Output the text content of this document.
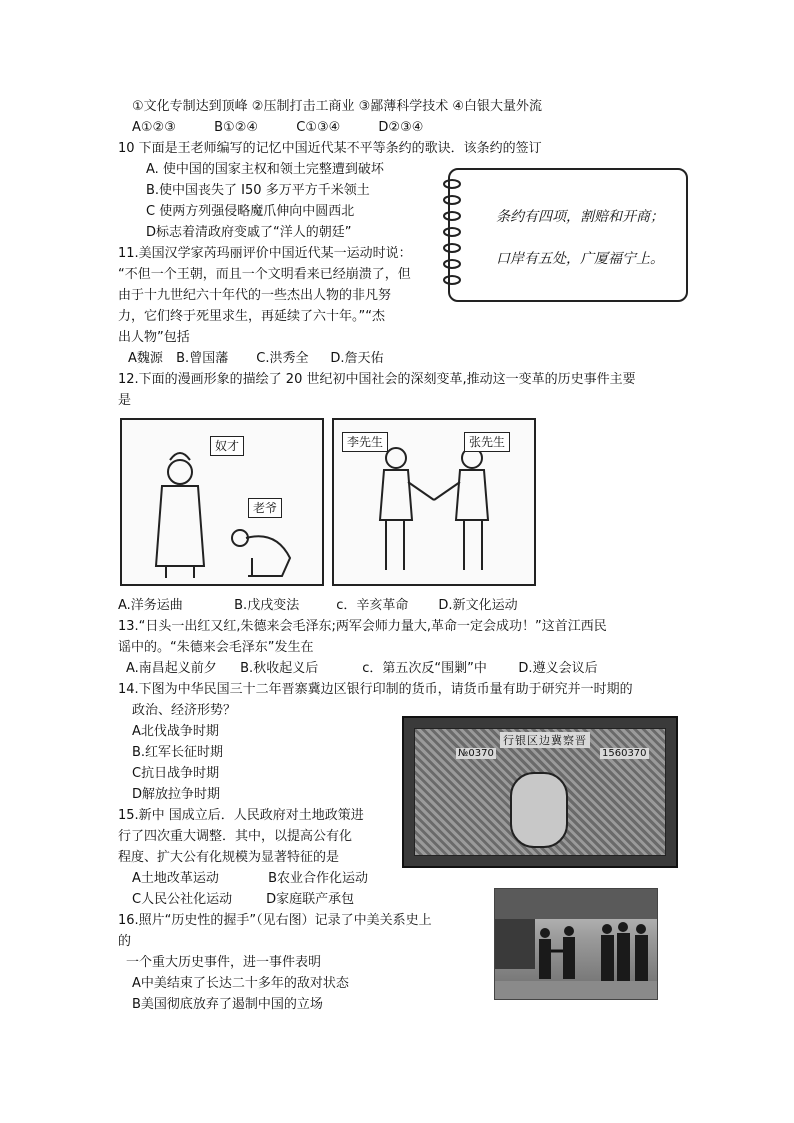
①文化专制达到顶峰 ②压制打击工商业 ③鄙薄科学技术 ④白银大量外流
A①②③	B①②④	C①③④	D②③④
10 下面是王老师编写的记忆中国近代某不平等条约的歌诀．该条约的签订
A. 使中国的国家主权和领土完整遭到破坏
B.使中国丧失了 I50 多万平方千米领土
C 使两方列强侵略魔爪伸向中圆西北
D标志着清政府变戚了“洋人的朝廷”
条约有四项，割赔和开商；
口岸有五处，广厦福宁上。
11.美国汉学家芮玛丽评价中国近代某一运动时说：
“不但一个王朝，而且一个文明看来已经崩溃了，但
由于十九世纪六十年代的一些杰出人物的非凡努
力，它们终于死里求生，再延续了六十年。”“杰
出人物”包括
A魏源 B.曾国藩 C.洪秀全 D.詹天佑
12.下面的漫画形象的描绘了 20 世纪初中国社会的深刻变革,推动这一变革的历史事件主要
是
奴才
老爷
李先生	张先生
A.洋务运曲	B.戊戌变法	c．辛亥革命 D.新文化运动
13.“日头一出红又红,朱德来会毛泽东;两军会师力量大,革命一定会成功！”这首江西民
谣中的。“朱德来会毛泽东”发生在
A.南昌起义前夕 B.秋收起义后	c．第五次反“围剿”中 D.遵义会议后
14.下图为中华民国三十二年晋寨冀边区银行印制的货币，请货币量有助于研究并一时期的
政治、经济形势？
A北伐战争时期
B.红军长征时期
C抗日战争时期
D解放拉争时期
行银区边冀察晋
№0370	1560370
15.新中 国成立后．人民政府对土地政策进
行了四次重大调整．其中，以提高公有化
程度、扩大公有化规模为显著特征的是
A土地改革运动	B农业合作化运动
C人民公社化运动	D家庭联产承包
16.照片“历史性的握手”（见右图）记录了中美关系史上
的
一个重大历史事件，进一事件表明
A中美结束了长达二十多年的敌对状态
B美国彻底放弃了遏制中国的立场
